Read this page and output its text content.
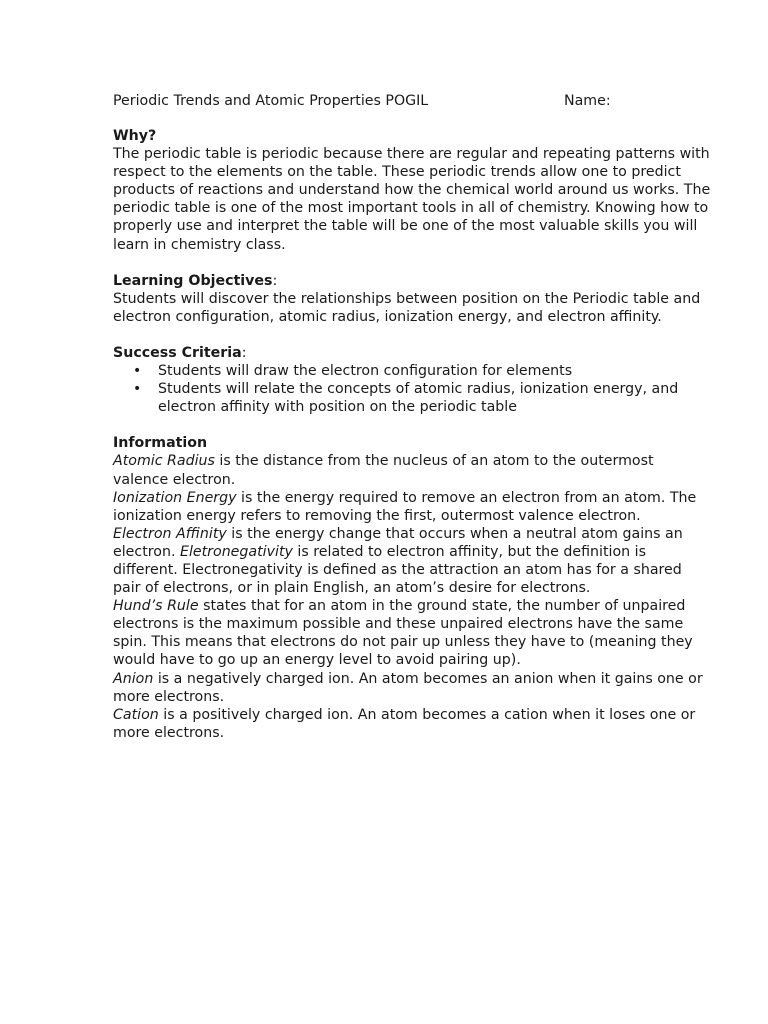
Periodic Trends and Atomic Properties POGIL	Name:
Why?

The periodic table is periodic because there are regular and repeating patterns with respect to the elements on the table. These periodic trends allow one to predict products of reactions and understand how the chemical world around us works. The periodic table is one of the most important tools in all of chemistry. Knowing how to properly use and interpret the table will be one of the most valuable skills you will learn in chemistry class.

Learning Objectives:

Students will discover the relationships between position on the Periodic table and electron configuration, atomic radius, ionization energy, and electron affinity.

Success Criteria:
• Students will draw the electron configuration for elements
• Students will relate the concepts of atomic radius, ionization energy, and electron affinity with position on the periodic table
Information

Atomic Radius is the distance from the nucleus of an atom to the outermost valence electron.

Ionization Energy is the energy required to remove an electron from an atom. The ionization energy refers to removing the first, outermost valence electron.

Electron Affinity is the energy change that occurs when a neutral atom gains an electron. Eletronegativity is related to electron affinity, but the definition is different. Electronegativity is defined as the attraction an atom has for a shared pair of electrons, or in plain English, an atom’s desire for electrons.

Hund’s Rule states that for an atom in the ground state, the number of unpaired electrons is the maximum possible and these unpaired electrons have the same spin. This means that electrons do not pair up unless they have to (meaning they would have to go up an energy level to avoid pairing up).

Anion is a negatively charged ion. An atom becomes an anion when it gains one or more electrons.

Cation is a positively charged ion. An atom becomes a cation when it loses one or more electrons.
